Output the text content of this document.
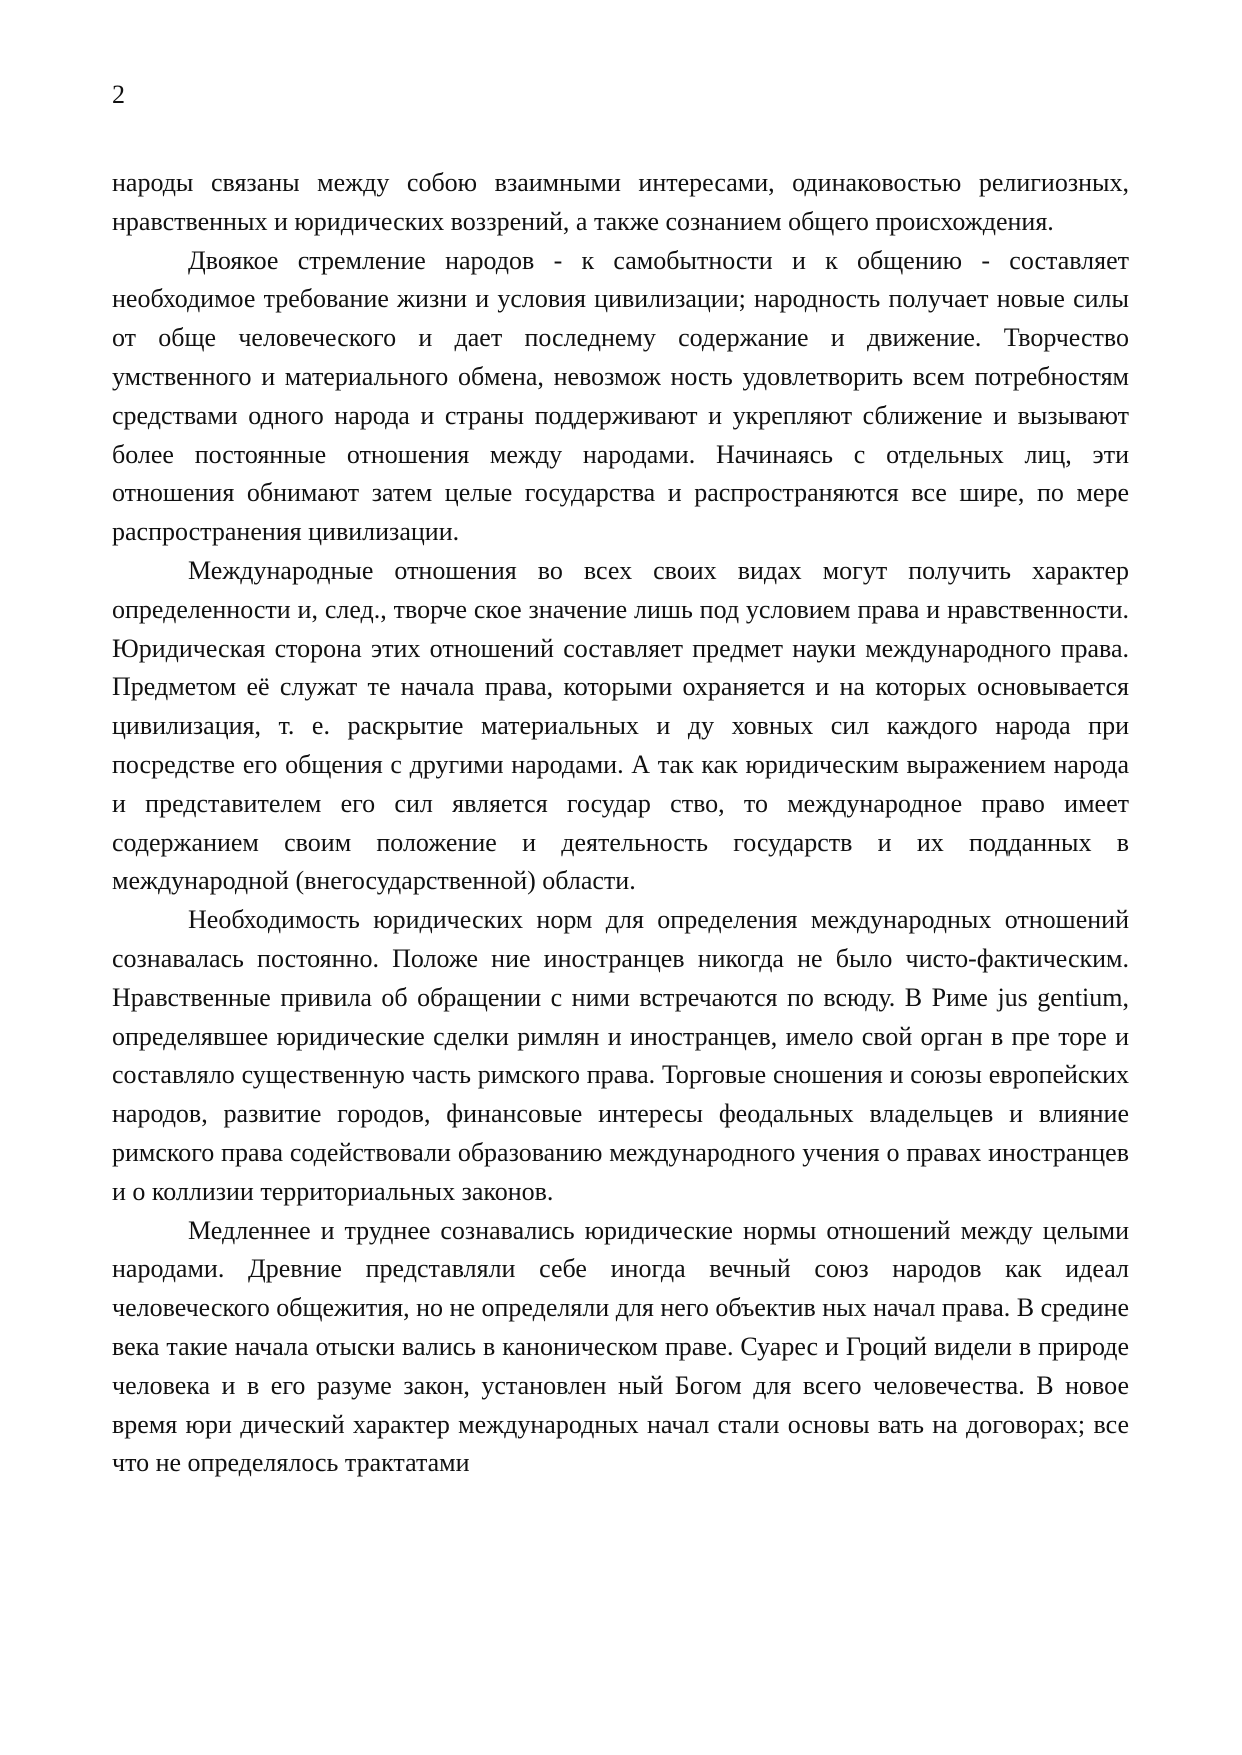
2

народы связаны между собою взаимными интересами, одинаковостью религиозных, нравственных и юридических воззрений, а также сознанием общего происхождения.

Двоякое стремление народов - к самобытности и к общению - составляет необходимое требование жизни и условия цивилизации; народность получает новые силы от обще человеческого и дает последнему содержание и движение. Творчество умственного и материального обмена, невозмож ность удовлетворить всем потребностям средствами одного народа и страны поддерживают и укрепляют сближение и вызывают более постоянные отношения между народами. Начинаясь с отдельных лиц, эти отношения обнимают затем целые государства и распространяются все шире, по мере распространения цивилизации.

Международные отношения во всех своих видах могут получить характер определенности и, след., творче ское значение лишь под условием права и нравственности. Юридическая сторона этих отношений составляет предмет науки международного права. Предметом её служат те начала права, которыми охраняется и на которых основывается цивилизация, т. е. раскрытие материальных и ду ховных сил каждого народа при посредстве его общения с другими народами. А так как юридическим выражением народа и представителем его сил является государ ство, то международное право имеет содержанием своим положение и деятельность государств и их подданных в международной (внегосударственной) области.

Необходимость юридических норм для определения международных отношений сознавалась постоянно. Положе ние иностранцев никогда не было чисто-фактическим. Нравственные привила об обращении с ними встречаются по всюду. В Риме jus gentium, определявшее юридические сделки римлян и иностранцев, имело свой орган в пре торе и составляло существенную часть римского права. Торговые сношения и союзы европейских народов, развитие городов, финансовые интересы феодальных владельцев и влияние римского права содействовали образованию международного учения о правах иностранцев и о коллизии территориальных законов.

Медленнее и труднее сознавались юридические нормы отношений между целыми народами. Древние представляли себе иногда вечный союз народов как идеал человеческого общежития, но не определяли для него объектив ных начал права. В средине века такие начала отыски вались в каноническом праве. Суарес и Гроций видели в природе человека и в его разуме закон, установлен ный Богом для всего человечества. В новое время юри дический характер международных начал стали основы вать на договорах; все что не определялось трактатами
